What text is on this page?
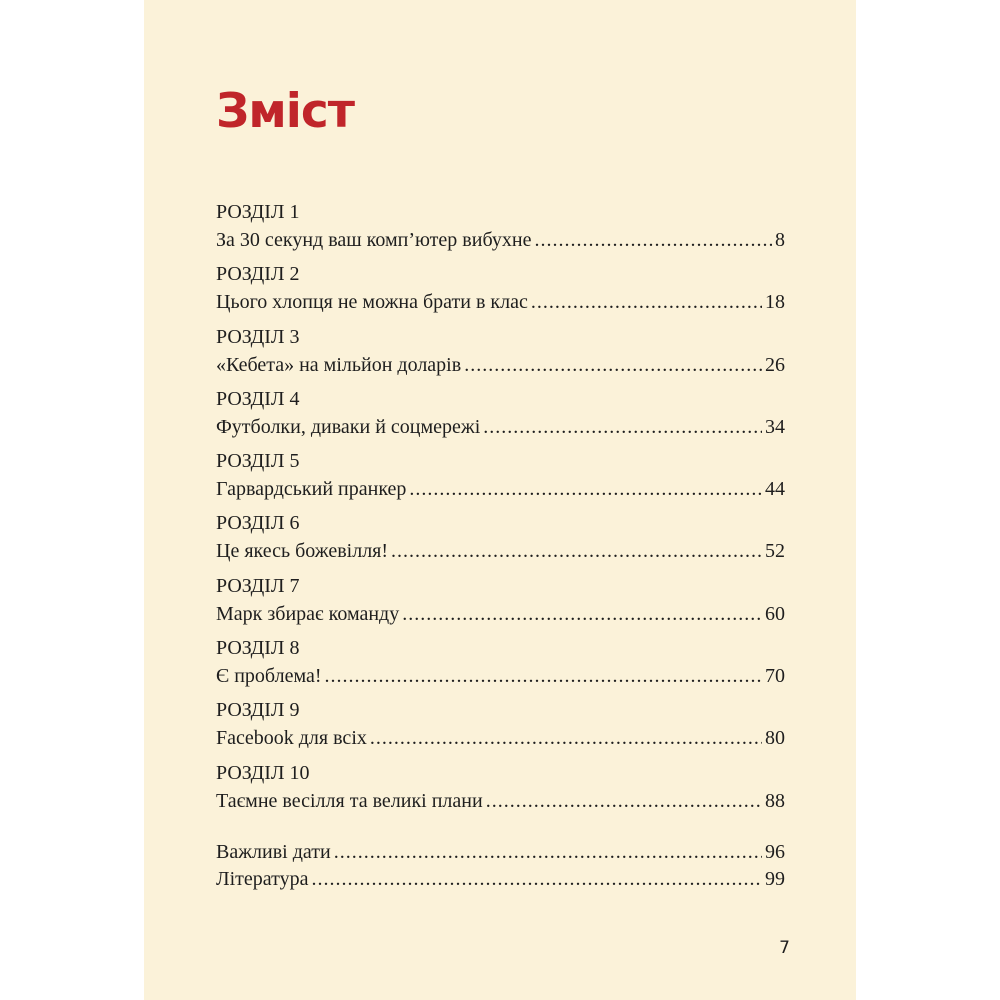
Зміст
РОЗДІЛ 1
За 30 секунд ваш комп’ютер вибухне .....	8
РОЗДІЛ 2
Цього хлопця не можна брати в клас .....	18
РОЗДІЛ 3
«Кебета» на мільйон доларів .....	26
РОЗДІЛ 4
Футболки, диваки й соцмережі .....	34
РОЗДІЛ 5
Гарвардський пранкер .....	44
РОЗДІЛ 6
Це якесь божевілля! .....	52
РОЗДІЛ 7
Марк збирає команду .....	60
РОЗДІЛ 8
Є проблема! .....	70
РОЗДІЛ 9
Facebook для всіх .....	80
РОЗДІЛ 10
Таємне весілля та великі плани .....	88
Важливі дати .....	96
Література .....	99
7
